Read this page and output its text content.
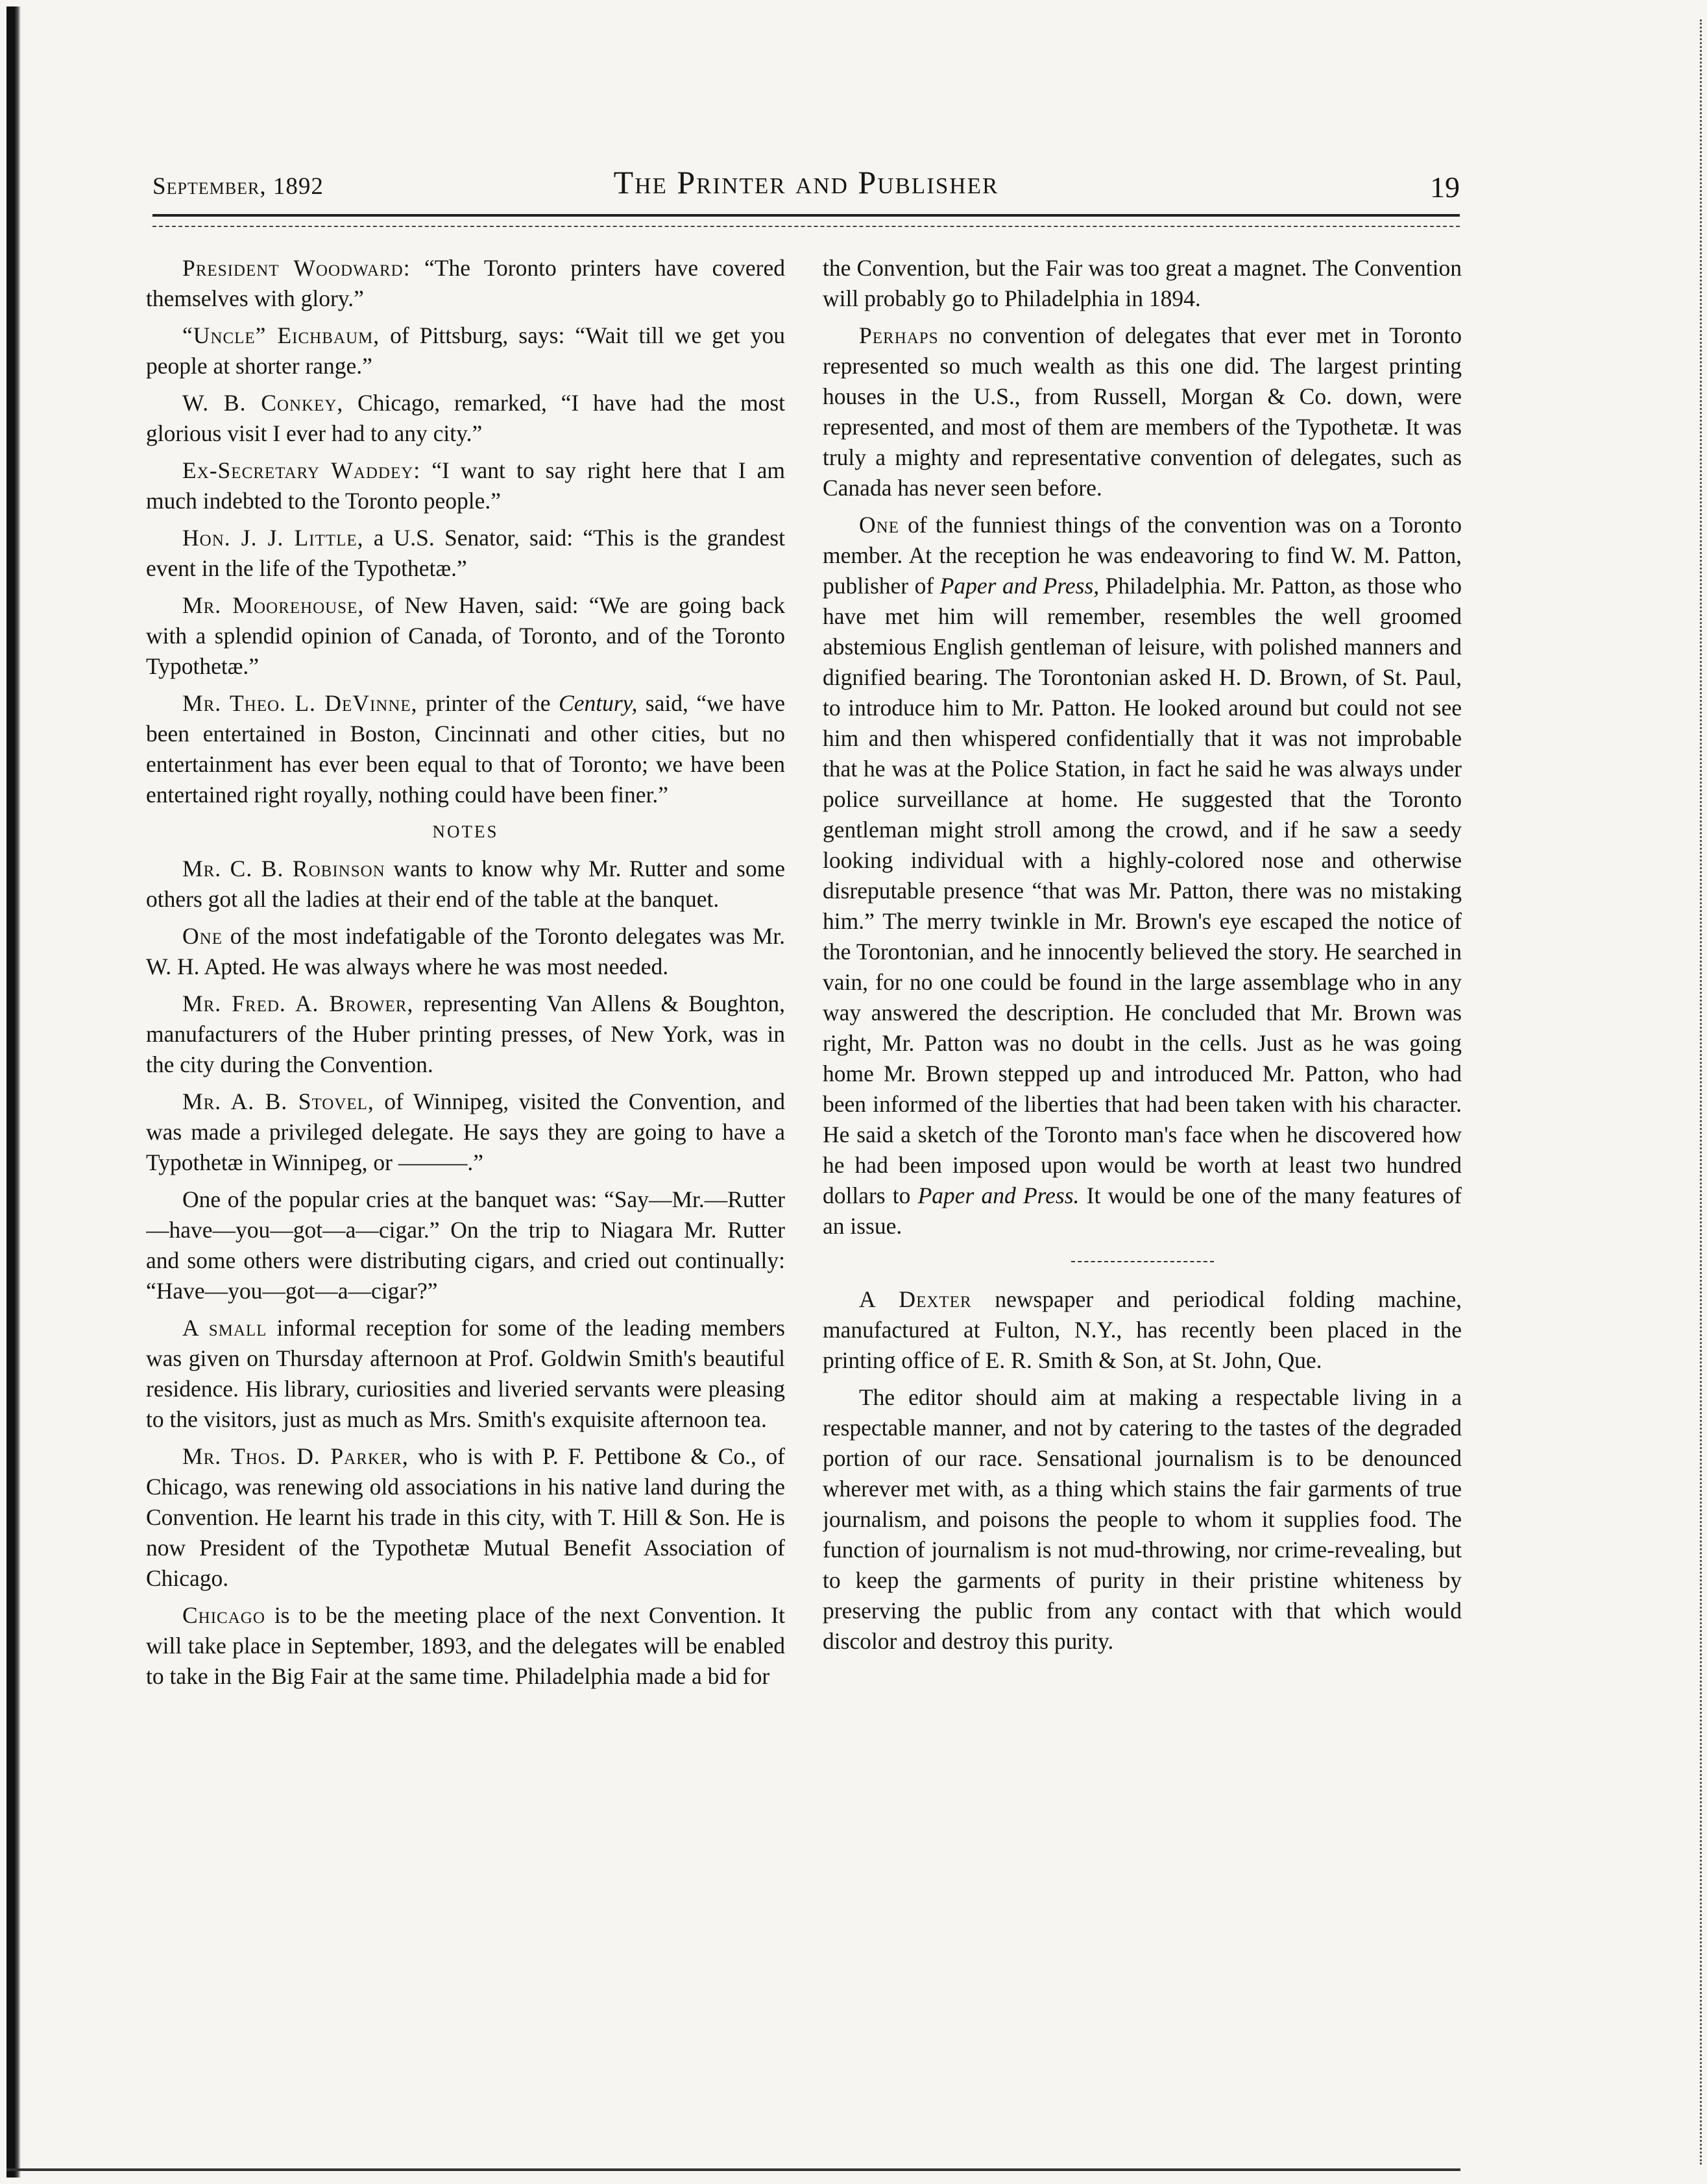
September, 1892	The Printer and Publisher	19

President Woodward: “The Toronto printers have covered themselves with glory.”

“Uncle” Eichbaum, of Pittsburg, says: “Wait till we get you people at shorter range.”

W. B. Conkey, Chicago, remarked, “I have had the most glorious visit I ever had to any city.”

Ex-Secretary Waddey: “I want to say right here that I am much indebted to the Toronto people.”

Hon. J. J. Little, a U.S. Senator, said: “This is the grandest event in the life of the Typothetæ.”

Mr. Moorehouse, of New Haven, said: “We are going back with a splendid opinion of Canada, of Toronto, and of the Toronto Typothetæ.”

Mr. Theo. L. DeVinne, printer of the Century, said, “we have been entertained in Boston, Cincinnati and other cities, but no entertainment has ever been equal to that of Toronto; we have been entertained right royally, nothing could have been finer.”

NOTES

Mr. C. B. Robinson wants to know why Mr. Rutter and some others got all the ladies at their end of the table at the banquet.

One of the most indefatigable of the Toronto delegates was Mr. W. H. Apted. He was always where he was most needed.

Mr. Fred. A. Brower, representing Van Allens & Boughton, manufacturers of the Huber printing presses, of New York, was in the city during the Convention.

Mr. A. B. Stovel, of Winnipeg, visited the Convention, and was made a privileged delegate. He says they are going to have a Typothetæ in Winnipeg, or ———.”

One of the popular cries at the banquet was: “Say—Mr.—Rutter—have—you—got—a—cigar.” On the trip to Niagara Mr. Rutter and some others were distributing cigars, and cried out continually: “Have—you—got—a—cigar?”

A small informal reception for some of the leading members was given on Thursday afternoon at Prof. Goldwin Smith's beautiful residence. His library, curiosities and liveried servants were pleasing to the visitors, just as much as Mrs. Smith's exquisite afternoon tea.

Mr. Thos. D. Parker, who is with P. F. Pettibone & Co., of Chicago, was renewing old associations in his native land during the Convention. He learnt his trade in this city, with T. Hill & Son. He is now President of the Typothetæ Mutual Benefit Association of Chicago.

Chicago is to be the meeting place of the next Convention. It will take place in September, 1893, and the delegates will be enabled to take in the Big Fair at the same time. Philadelphia made a bid for

the Convention, but the Fair was too great a magnet. The Convention will probably go to Philadelphia in 1894.

Perhaps no convention of delegates that ever met in Toronto represented so much wealth as this one did. The largest printing houses in the U.S., from Russell, Morgan & Co. down, were represented, and most of them are members of the Typothetæ. It was truly a mighty and representative convention of delegates, such as Canada has never seen before.

One of the funniest things of the convention was on a Toronto member. At the reception he was endeavoring to find W. M. Patton, publisher of Paper and Press, Philadelphia. Mr. Patton, as those who have met him will remember, resembles the well groomed abstemious English gentleman of leisure, with polished manners and dignified bearing. The Torontonian asked H. D. Brown, of St. Paul, to introduce him to Mr. Patton. He looked around but could not see him and then whispered confidentially that it was not improbable that he was at the Police Station, in fact he said he was always under police surveillance at home. He suggested that the Toronto gentleman might stroll among the crowd, and if he saw a seedy looking individual with a highly-colored nose and otherwise disreputable presence “that was Mr. Patton, there was no mistaking him.” The merry twinkle in Mr. Brown's eye escaped the notice of the Torontonian, and he innocently believed the story. He searched in vain, for no one could be found in the large assemblage who in any way answered the description. He concluded that Mr. Brown was right, Mr. Patton was no doubt in the cells. Just as he was going home Mr. Brown stepped up and introduced Mr. Patton, who had been informed of the liberties that had been taken with his character. He said a sketch of the Toronto man's face when he discovered how he had been imposed upon would be worth at least two hundred dollars to Paper and Press. It would be one of the many features of an issue.

A Dexter newspaper and periodical folding machine, manufactured at Fulton, N.Y., has recently been placed in the printing office of E. R. Smith & Son, at St. John, Que.

The editor should aim at making a respectable living in a respectable manner, and not by catering to the tastes of the degraded portion of our race. Sensational journalism is to be denounced wherever met with, as a thing which stains the fair garments of true journalism, and poisons the people to whom it supplies food. The function of journalism is not mud-throwing, nor crime-revealing, but to keep the garments of purity in their pristine whiteness by preserving the public from any contact with that which would discolor and destroy this purity.
